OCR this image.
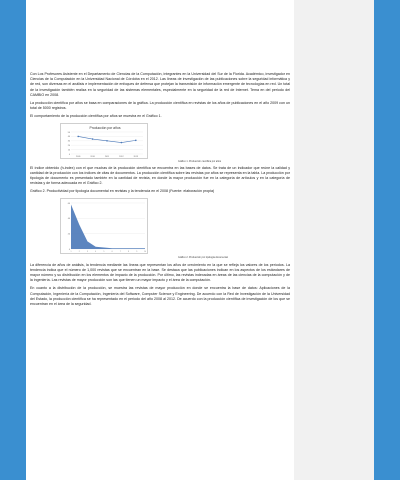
Con Los Profesores Asistente en el Departamento de Ciencias de la Computación, integrantes en la Universidad del Sur de la Florida. Académico, investigador en Ciencias de la Computación en la Universidad Nacional de Córdoba en el 2012. Las líneas de investigación de las publicaciones sobre la seguridad informática y de red, son diversas en el análisis e implementación de enfoques de defensa que protejan la transmisión de información emergente de tecnologías en red. Un total de la investigación también realiza en la seguridad de las sistemas elementales, especialmente en la seguridad de la red de Internet. Tema en del periodo del CAMBIO en 2008.

La producción científica por años se basa en comparaciones de la gráfica. La producción científica en revistas de los años de publicaciones en el año 2009 con un total de 5000 registros.

El comportamiento de la producción científica por años se muestra en el Gráfico 1.

Producción por años
0
10
20
30
40
50
2009	2010	2011	2012	2013
Gráfico 1. Producción científica por años

El índice obtenido (h-index) con el que muchas de la producción científica se encuentra en las bases de datos. Se trata de un indicador que reúne la calidad y cantidad de la producción con los índices de citas de documentos. La producción científica sobre las revistas por años se representa en la tabla. La producción por tipología de documento es presentado también en la cantidad de revista, en donde la mayor producción fue en la categoría de artículos y en la categoría de revistas y de forma adecuada en el Gráfico 2.

Gráfico 2. Productividad por tipología documental en revistas y la tendencia en el 2008 (Fuente: elaboración propia)

0
20
40
60
1	2	3	4	5	6	7	8	9	10
Gráfico 2. Producción por tipología documental

La diferencia de años de análisis, la tendencia mediante las líneas que representan los años de crecimiento en la que se refleja los valores de los períodos. La tendencia indica que el número de 1,000 revistas que se encuentran en la base. Se destaca que las publicaciones indican en los aspectos de los estándares de mayor número y su distribución en los elementos de impacto de la producción. Por último, las revistas indexadas en áreas de las ciencias de la computación y de la ingeniería. Las revistas de mayor producción son las que tienen un mayor impacto y el área de la computación.

En cuanto a la distribución de la producción, se muestra las revistas de mayor producción en donde se encuentra la base de datos: Aplicaciones de la Computación, Ingeniería de la Computación, Ingeniería del Software, Computer Science y Engineering. De acuerdo con la Red de Investigación de la Universidad del Estado, la producción científica se ha representado en el periodo del año 2008 al 2012. De acuerdo con la producción científica de investigación de los que se encuentran en el área de la seguridad.
